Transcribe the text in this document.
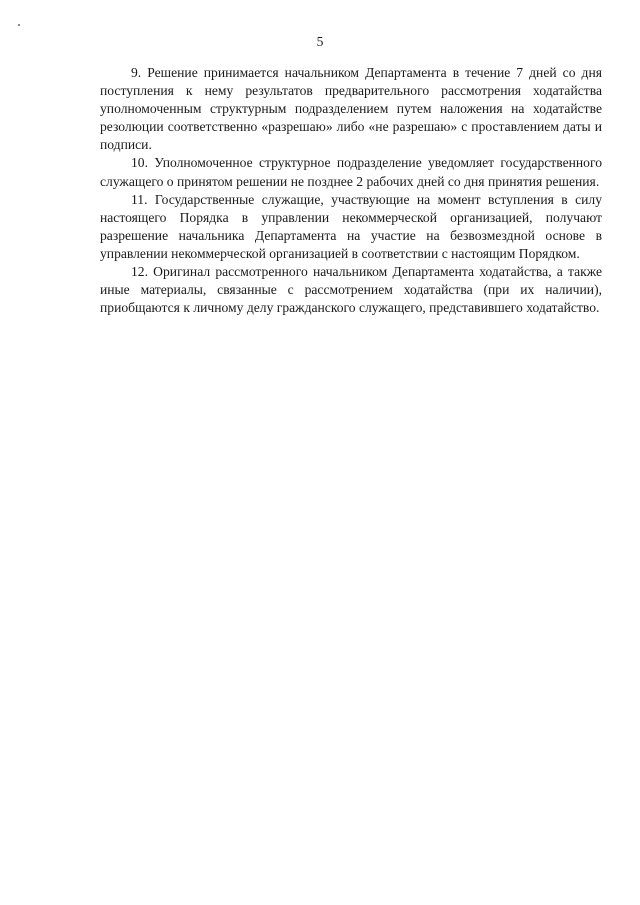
5

9. Решение принимается начальником Департамента в течение 7 дней со дня поступления к нему результатов предварительного рассмотрения ходатайства уполномоченным структурным подразделением путем наложения на ходатайстве резолюции соответственно «разрешаю» либо «не разрешаю» с проставлением даты и подписи.

10. Уполномоченное структурное подразделение уведомляет государственного служащего о принятом решении не позднее 2 рабочих дней со дня принятия решения.

11. Государственные служащие, участвующие на момент вступления в силу настоящего Порядка в управлении некоммерческой организацией, получают разрешение начальника Департамента на участие на безвозмездной основе в управлении некоммерческой организацией в соответствии с настоящим Порядком.

12. Оригинал рассмотренного начальником Департамента ходатайства, а также иные материалы, связанные с рассмотрением ходатайства (при их наличии), приобщаются к личному делу гражданского служащего, представившего ходатайство.
